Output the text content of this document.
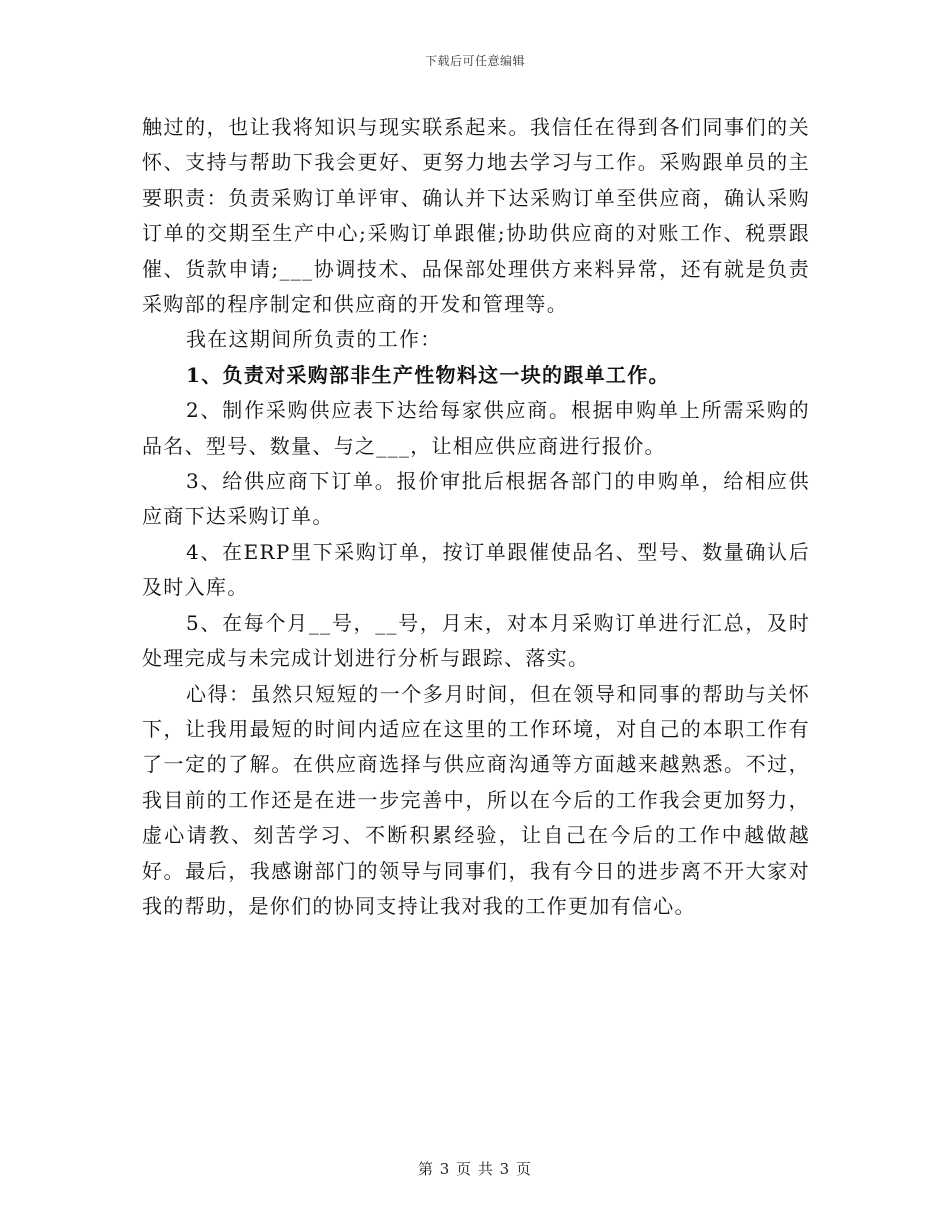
下载后可任意编辑

触过的，也让我将知识与现实联系起来。我信任在得到各们同事们的关怀、支持与帮助下我会更好、更努力地去学习与工作。采购跟单员的主要职责：负责采购订单评审、确认并下达采购订单至供应商，确认采购订单的交期至生产中心;采购订单跟催;协助供应商的对账工作、税票跟催、货款申请;___协调技术、品保部处理供方来料异常，还有就是负责采购部的程序制定和供应商的开发和管理等。

我在这期间所负责的工作：

1、负责对采购部非生产性物料这一块的跟单工作。

2、制作采购供应表下达给每家供应商。根据申购单上所需采购的品名、型号、数量、与之___，让相应供应商进行报价。

3、给供应商下订单。报价审批后根据各部门的申购单，给相应供应商下达采购订单。

4、在ERP里下采购订单，按订单跟催使品名、型号、数量确认后及时入库。

5、在每个月__号，__号，月末，对本月采购订单进行汇总，及时处理完成与未完成计划进行分析与跟踪、落实。

心得：虽然只短短的一个多月时间，但在领导和同事的帮助与关怀下，让我用最短的时间内适应在这里的工作环境，对自己的本职工作有了一定的了解。在供应商选择与供应商沟通等方面越来越熟悉。不过，我目前的工作还是在进一步完善中，所以在今后的工作我会更加努力，虚心请教、刻苦学习、不断积累经验，让自己在今后的工作中越做越好。最后，我感谢部门的领导与同事们，我有今日的进步离不开大家对我的帮助，是你们的协同支持让我对我的工作更加有信心。

第 3 页 共 3 页
